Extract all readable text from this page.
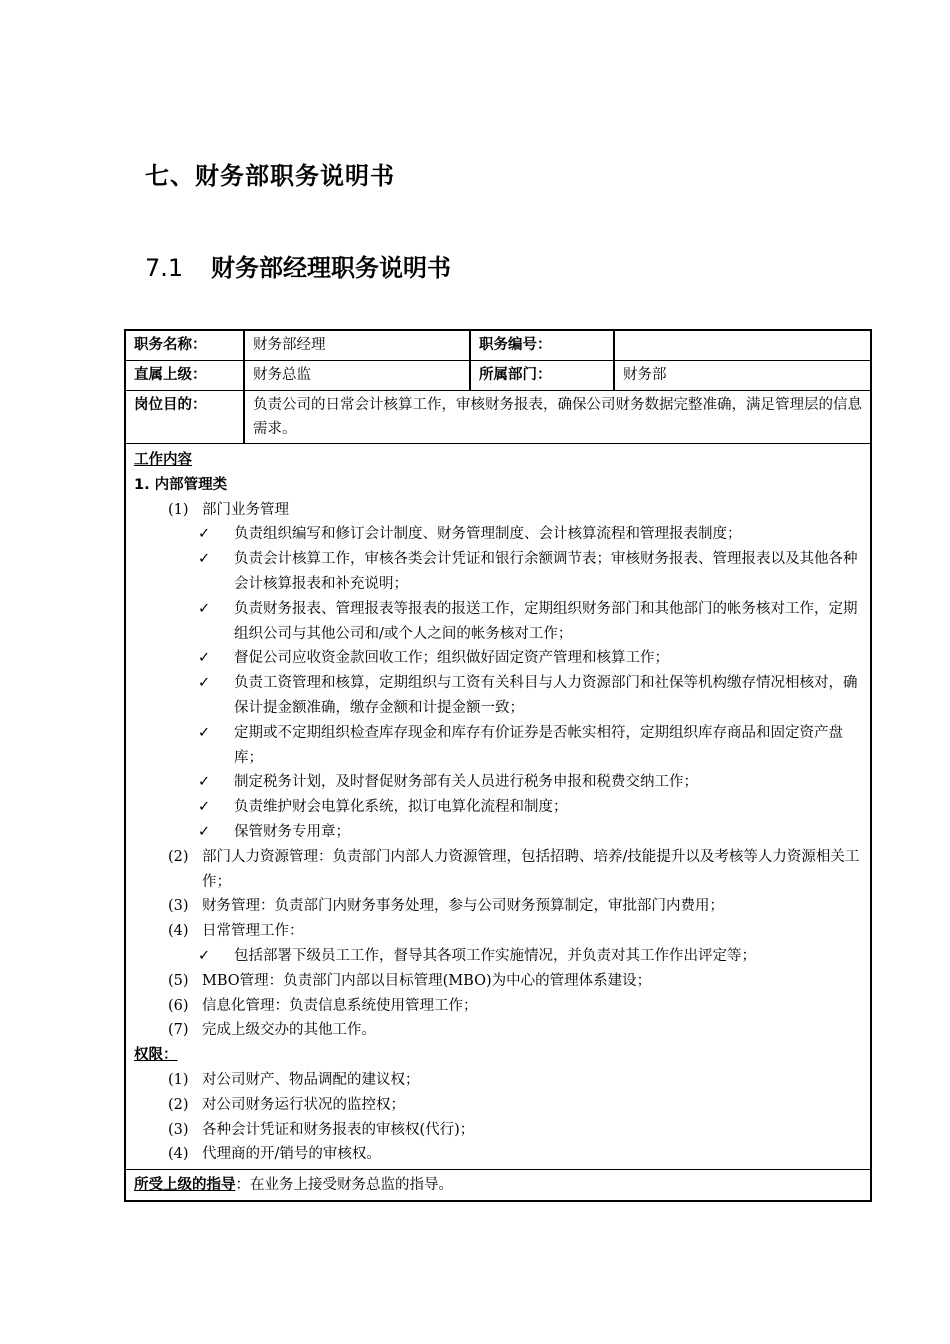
七、财务部职务说明书
7.1 财务部经理职务说明书
职务名称：	财务部经理	职务编号：
直属上级：	财务总监	所属部门：	财务部
岗位目的：	负责公司的日常会计核算工作，审核财务报表，确保公司财务数据完整准确，满足管理层的信息需求。
工作内容
1. 内部管理类
(1) 部门业务管理
✓	负责组织编写和修订会计制度、财务管理制度、会计核算流程和管理报表制度；
✓	负责会计核算工作，审核各类会计凭证和银行余额调节表；审核财务报表、管理报表以及其他各种会计核算报表和补充说明；
✓	负责财务报表、管理报表等报表的报送工作，定期组织财务部门和其他部门的帐务核对工作，定期组织公司与其他公司和/或个人之间的帐务核对工作；
✓	督促公司应收资金款回收工作；组织做好固定资产管理和核算工作；
✓	负责工资管理和核算，定期组织与工资有关科目与人力资源部门和社保等机构缴存情况相核对，确保计提金额准确，缴存金额和计提金额一致；
✓	定期或不定期组织检查库存现金和库存有价证券是否帐实相符，定期组织库存商品和固定资产盘库；
✓	制定税务计划，及时督促财务部有关人员进行税务申报和税费交纳工作；
✓	负责维护财会电算化系统，拟订电算化流程和制度；
✓	保管财务专用章；
(2) 部门人力资源管理：负责部门内部人力资源管理，包括招聘、培养/技能提升以及考核等人力资源相关工作；
(3) 财务管理：负责部门内财务事务处理，参与公司财务预算制定，审批部门内费用；
(4) 日常管理工作：
✓	包括部署下级员工工作，督导其各项工作实施情况，并负责对其工作作出评定等；
(5) MBO管理：负责部门内部以目标管理(MBO)为中心的管理体系建设；
(6) 信息化管理：负责信息系统使用管理工作；
(7) 完成上级交办的其他工作。
权限：
(1) 对公司财产、物品调配的建议权；
(2) 对公司财务运行状况的监控权；
(3) 各种会计凭证和财务报表的审核权(代行)；
(4) 代理商的开/销号的审核权。
所受上级的指导：在业务上接受财务总监的指导。
